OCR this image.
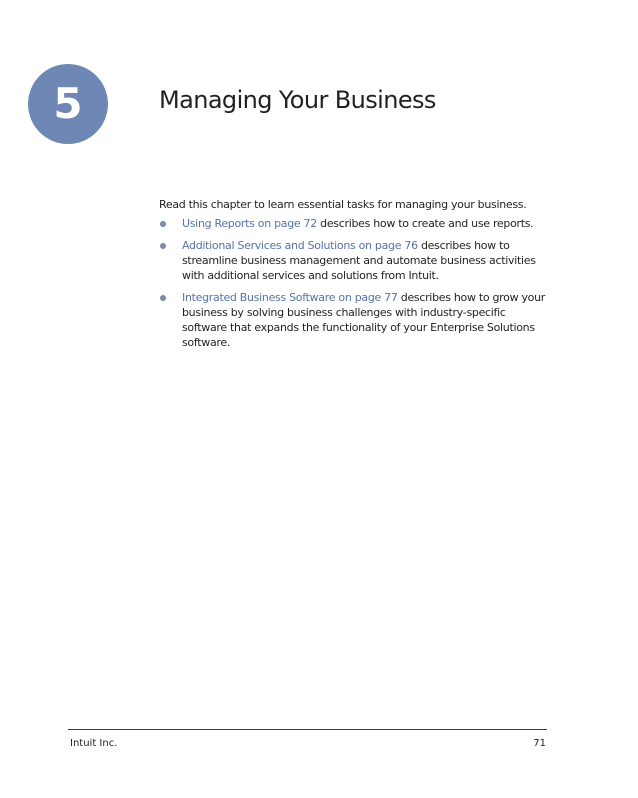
5	Managing Your Business

Read this chapter to learn essential tasks for managing your business.

Using Reports on page 72 describes how to create and use reports.
Additional Services and Solutions on page 76 describes how to streamline business management and automate business activities with additional services and solutions from Intuit.
Integrated Business Software on page 77 describes how to grow your business by solving business challenges with industry-specific software that expands the functionality of your Enterprise Solutions software.
Intuit Inc.	71
